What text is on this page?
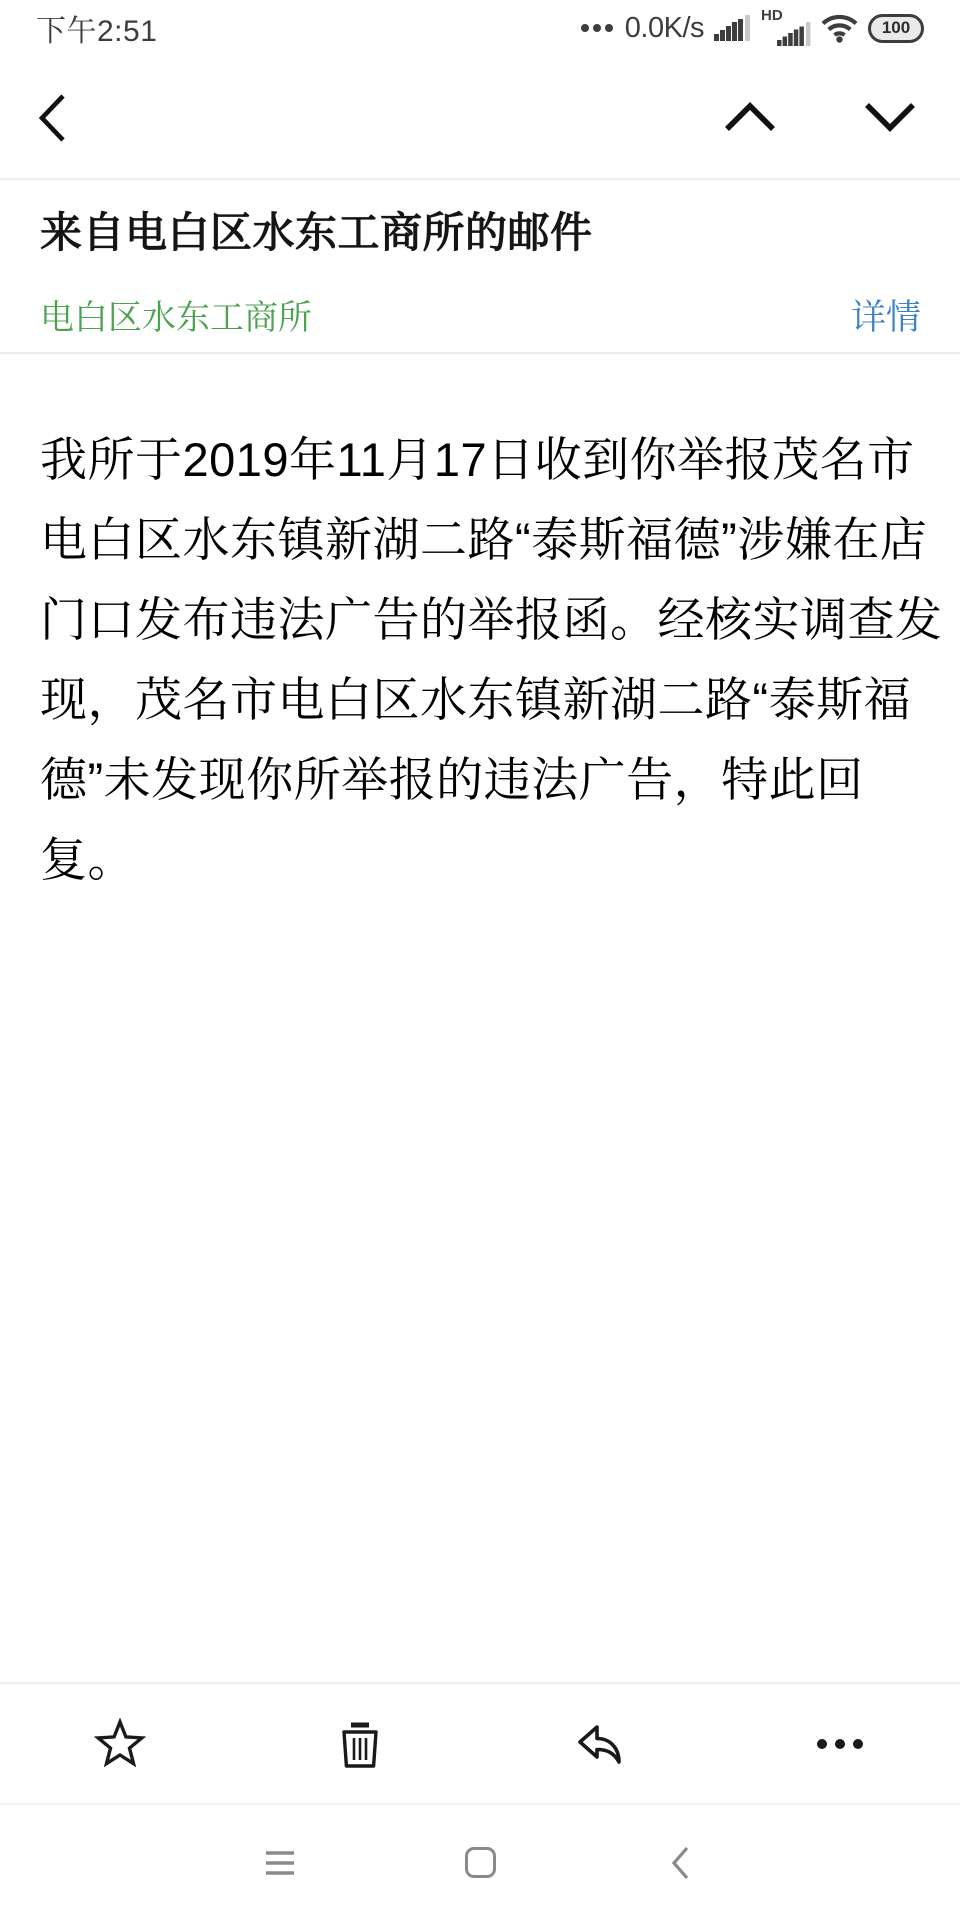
下午2:51	0.0K/s	HD
100
来自电白区水东工商所的邮件
电白区水东工商所	详情
我所于2019年11月17日收到你举报茂名市
电白区水东镇新湖二路“泰斯福德”涉嫌在店
门口发布违法广告的举报函。经核实调查发
现，茂名市电白区水东镇新湖二路“泰斯福
德”未发现你所举报的违法广告，特此回
复。
